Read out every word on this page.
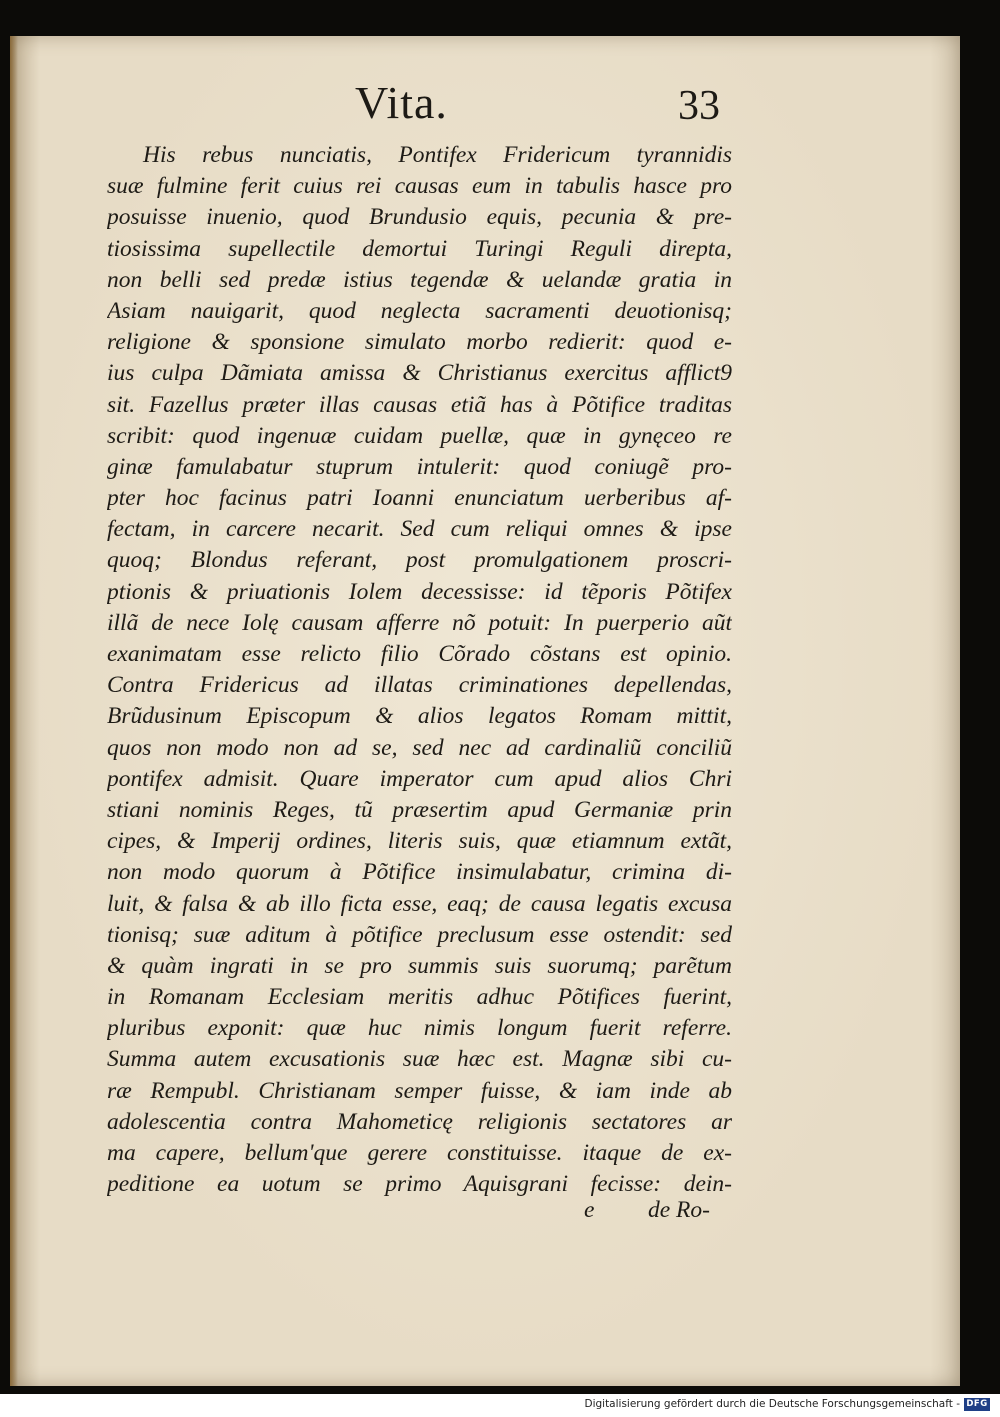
Vita.	33
His rebus nunciatis, Pontifex Fridericum tyrannidis
suæ fulmine ferit cuius rei causas eum in tabulis hasce pro
posuisse inuenio, quod Brundusio equis, pecunia & pre-
tiosissima supellectile demortui Turingi Reguli direpta,
non belli sed predæ istius tegendæ & uelandæ gratia in
Asiam nauigarit, quod neglecta sacramenti deuotionisq;
religione & sponsione simulato morbo redierit: quod e-
ius culpa Dãmiata amissa & Christianus exercitus afflict9
sit. Fazellus præter illas causas etiã has à Põtifice traditas
scribit: quod ingenuæ cuidam puellæ, quæ in gynęceo re
ginæ famulabatur stuprum intulerit: quod coniugẽ pro-
pter hoc facinus patri Ioanni enunciatum uerberibus af-
fectam, in carcere necarit. Sed cum reliqui omnes & ipse
quoq; Blondus referant, post promulgationem proscri-
ptionis & priuationis Iolem decessisse: id tẽporis Põtifex
illã de nece Iolę causam afferre nõ potuit: In puerperio aũt
exanimatam esse relicto filio Cõrado cõstans est opinio.
Contra Fridericus ad illatas criminationes depellendas,
Brũdusinum Episcopum & alios legatos Romam mittit,
quos non modo non ad se, sed nec ad cardinaliũ conciliũ
pontifex admisit. Quare imperator cum apud alios Chri
stiani nominis Reges, tũ præsertim apud Germaniæ prin
cipes, & Imperij ordines, literis suis, quæ etiamnum extãt,
non modo quorum à Põtifice insimulabatur, crimina di-
luit, & falsa & ab illo ficta esse, eaq; de causa legatis excusa
tionisq; suæ aditum à põtifice preclusum esse ostendit: sed
& quàm ingrati in se pro summis suis suorumq; parẽtum
in Romanam Ecclesiam meritis adhuc Põtifices fuerint,
pluribus exponit: quæ huc nimis longum fuerit referre.
Summa autem excusationis suæ hæc est. Magnæ sibi cu-
ræ Rempubl. Christianam semper fuisse, & iam inde ab
adolescentia contra Mahometicę religionis sectatores ar
ma capere, bellum'que gerere constituisse. itaque de ex-
peditione ea uotum se primo Aquisgrani fecisse: dein-
e de Ro-
Digitalisierung gefördert durch die Deutsche Forschungsgemeinschaft - DFG
